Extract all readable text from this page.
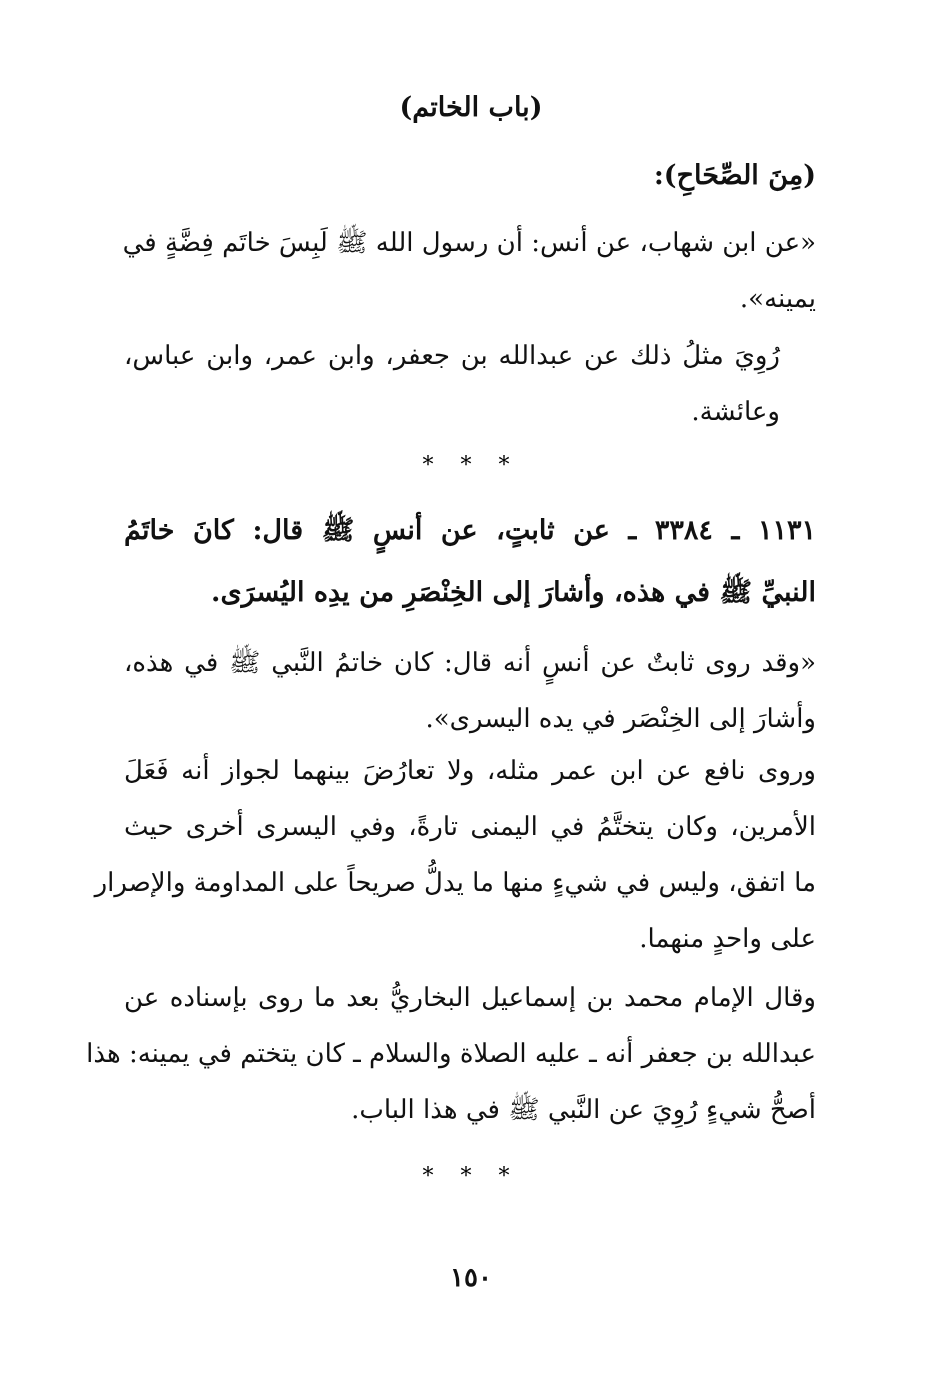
(باب الخاتم)
(مِنَ الصِّحَاحِ):

«عن ابن شهاب، عن أنس: أن رسول الله ﷺ لَبِسَ خاتَم فِضَّةٍ في
يمينه».

رُوِيَ مثلُ ذلك عن عبدالله بن جعفر، وابن عمر، وابن عباس،
وعائشة.

* * *

١١٣١ ـ ٣٣٨٤ ـ عن ثابتٍ، عن أنسٍ ﷺ قال: كانَ خاتَمُ
النبيِّ ﷺ في هذه، وأشارَ إلى الخِنْصَرِ من يدِه اليُسرَى.

«وقد روى ثابتٌ عن أنسٍ أنه قال: كان خاتمُ النَّبي ﷺ في هذه،
وأشارَ إلى الخِنْصَر في يده اليسرى».

وروى نافع عن ابن عمر مثله، ولا تعارُضَ بينهما لجواز أنه فَعَلَ
الأمرين، وكان يتختَّمُ في اليمنى تارةً، وفي اليسرى أخرى حيث
ما اتفق، وليس في شيءٍ منها ما يدلُّ صريحاً على المداومة والإصرار
على واحدٍ منهما.

وقال الإمام محمد بن إسماعيل البخاريُّ بعد ما روى بإسناده عن
عبدالله بن جعفر أنه ـ عليه الصلاة والسلام ـ كان يتختم في يمينه: هذا
أصحُّ شيءٍ رُوِيَ عن النَّبي ﷺ في هذا الباب.

* * *
١٥٠
